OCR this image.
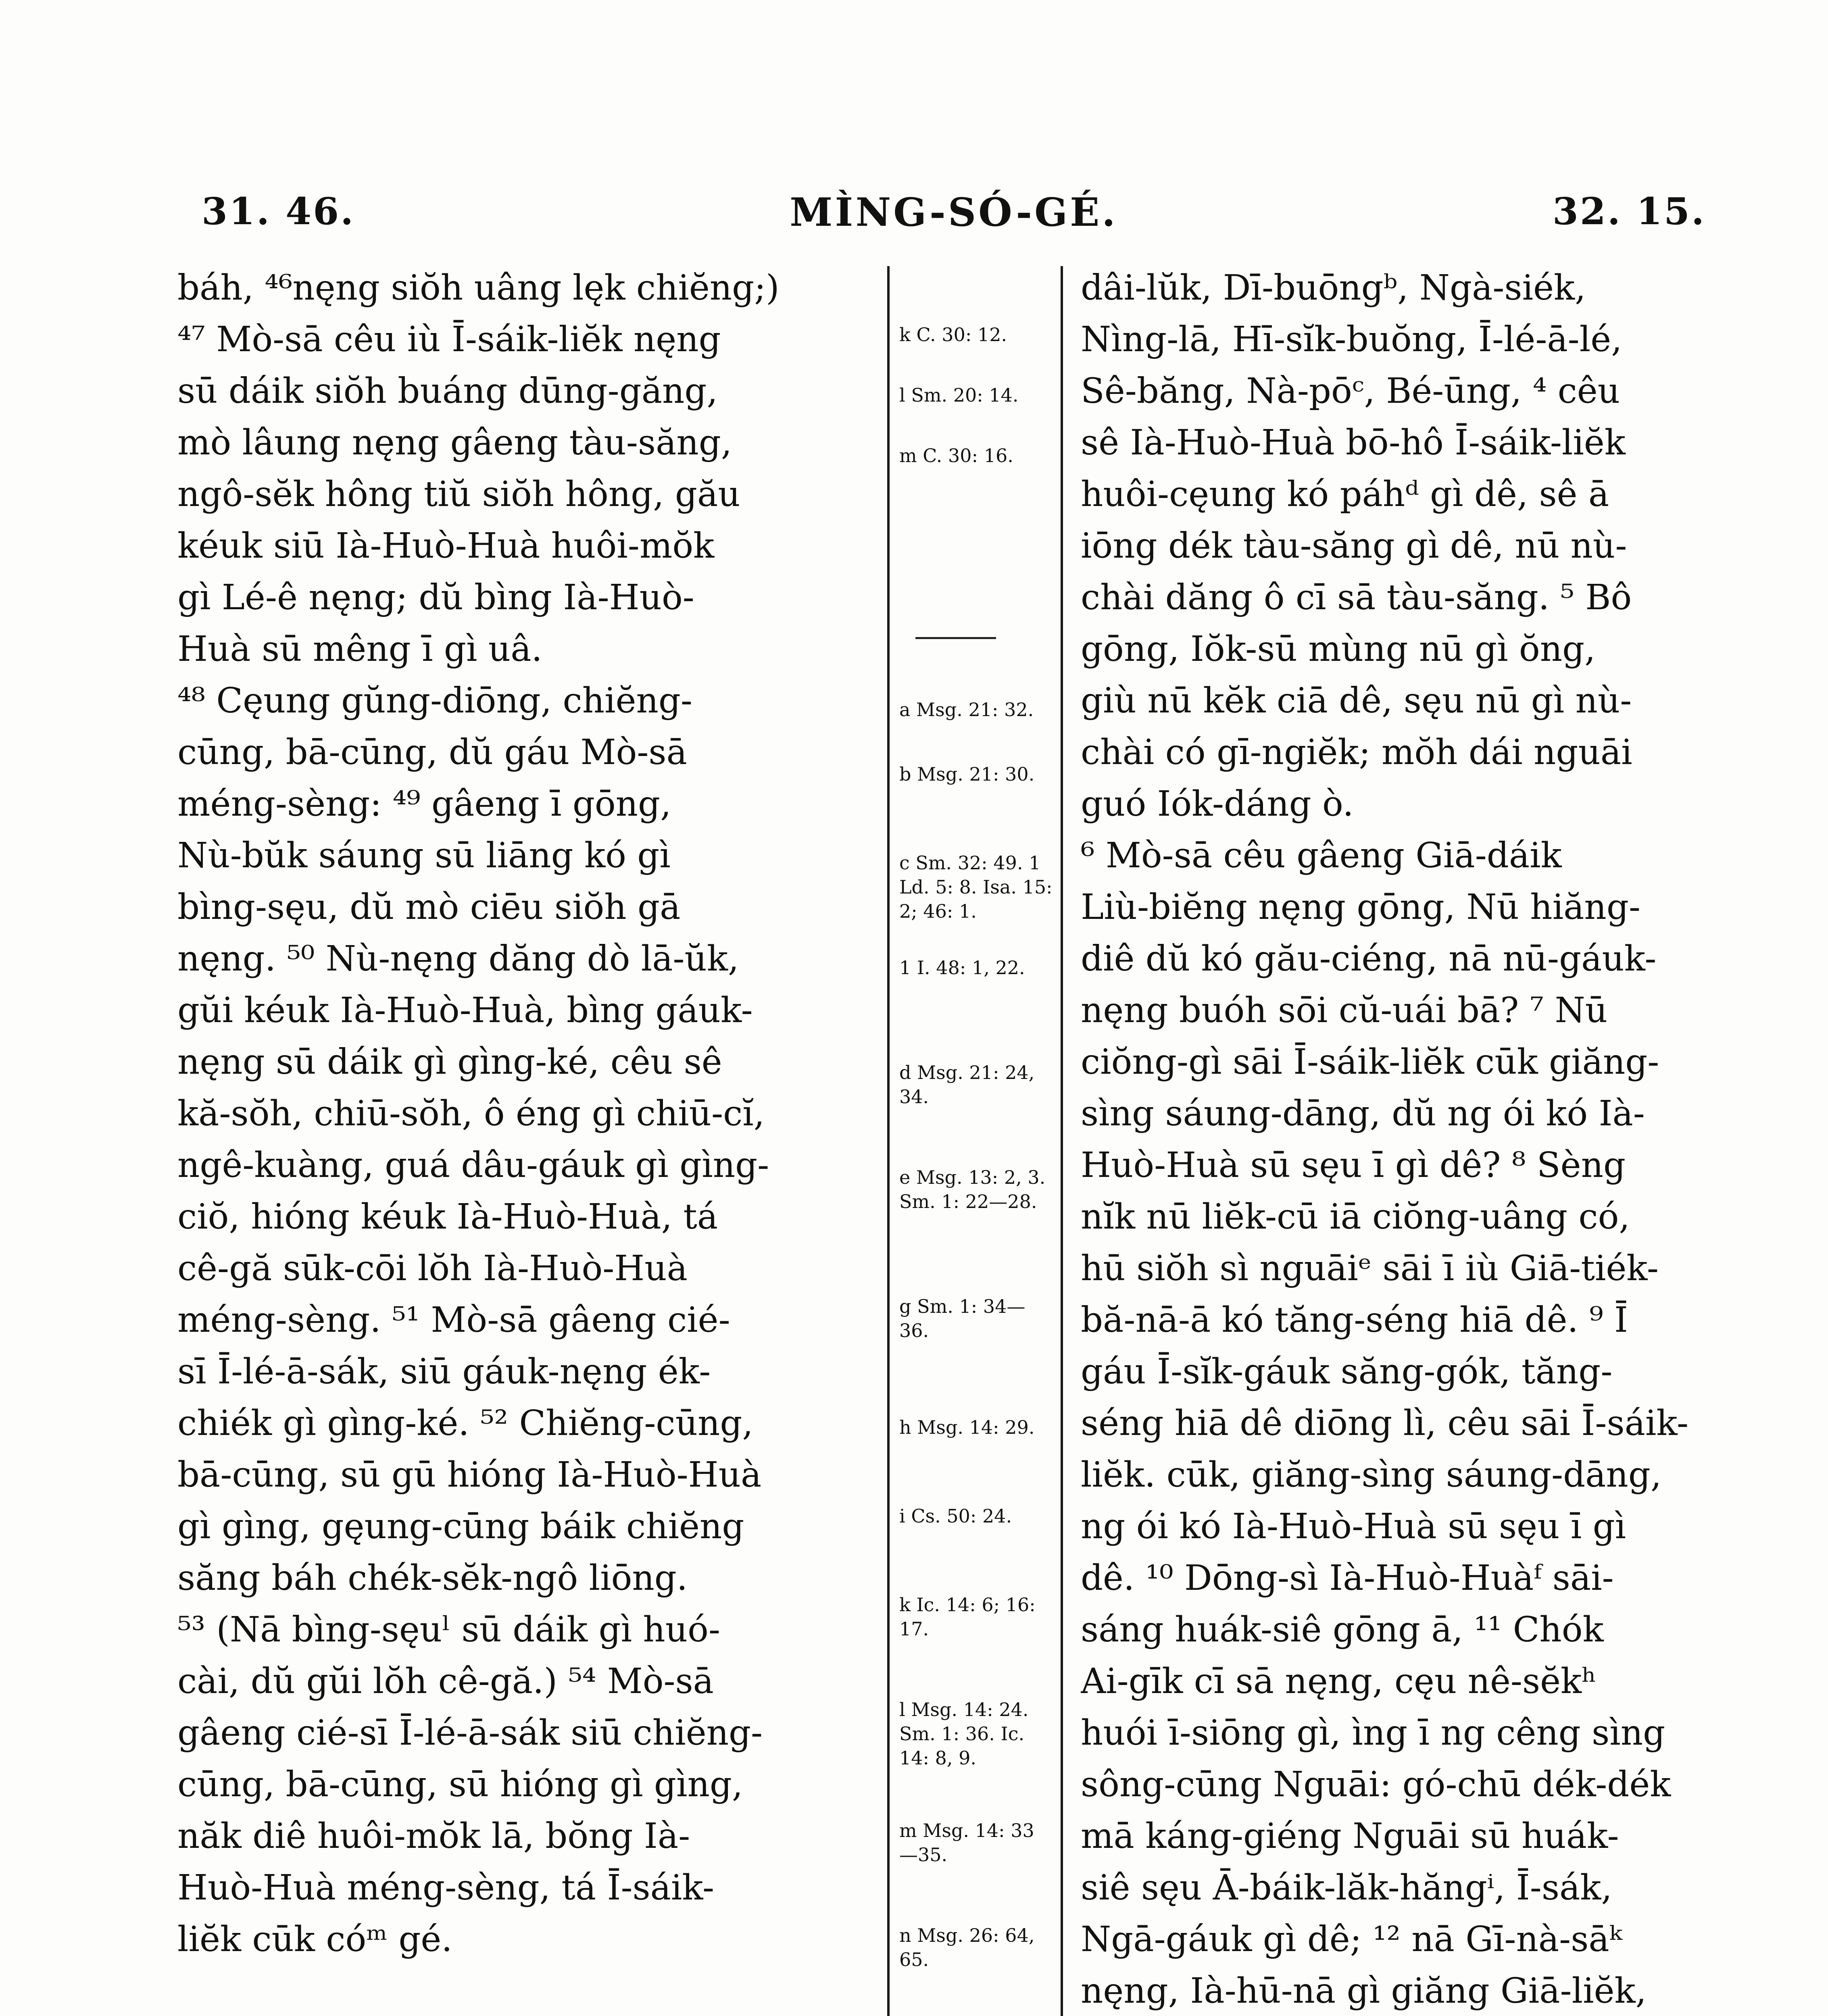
31. 46.	MÌNG-SÓ-GÉ.	32. 15.
báh, ⁴⁶nęng siŏh uâng lęk chiĕng;)
⁴⁷ Mò-sā cêu iù Ī-sáik-liĕk nęng
sū dáik siŏh buáng dūng-găng,
mò lâung nęng gâeng tàu-săng,
ngô-sĕk hông tiŭ siŏh hông, gău
kéuk siū Ià-Huò-Huà huôi-mŏk
gì Lé-ê nęng; dŭ bìng Ià-Huò-
Huà sū mêng ī gì uâ.
⁴⁸ Cęung gŭng-diōng, chiĕng-
cūng, bā-cūng, dŭ gáu Mò-sā
méng-sèng: ⁴⁹ gâeng ī gōng,
Nù-bŭk sáung sū liāng kó gì
bìng-sęu, dŭ mò ciēu siŏh gā
nęng. ⁵⁰ Nù-nęng dăng dò lā-ŭk,
gŭi kéuk Ià-Huò-Huà, bìng gáuk-
nęng sū dáik gì gìng-ké, cêu sê
kă-sŏh, chiū-sŏh, ô éng gì chiū-cĭ,
ngê-kuàng, guá dâu-gáuk gì gìng-
ciŏ, hióng kéuk Ià-Huò-Huà, tá
cê-gă sūk-cōi lŏh Ià-Huò-Huà
méng-sèng. ⁵¹ Mò-sā gâeng cié-
sī Ī-lé-ā-sák, siū gáuk-nęng ék-
chiék gì gìng-ké. ⁵² Chiĕng-cūng,
bā-cūng, sū gū hióng Ià-Huò-Huà
gì gìng, gęung-cūng báik chiĕng
săng báh chék-sĕk-ngô liōng.
⁵³ (Nā bìng-sęuˡ sū dáik gì huó-
cài, dŭ gŭi lŏh cê-gă.) ⁵⁴ Mò-sā
gâeng cié-sī Ī-lé-ā-sák siū chiĕng-
cūng, bā-cūng, sū hióng gì gìng,
năk diê huôi-mŏk lā, bŏng Ià-
Huò-Huà méng-sèng, tá Ī-sáik-
liĕk cūk cóᵐ gé.
k C. 30: 12.
l Sm. 20: 14.
m C. 30: 16.
a Msg. 21: 32.
b Msg. 21: 30.
c Sm. 32: 49. 1 Ld. 5: 8. Isa. 15: 2; 46: 1.
1 I. 48: 1, 22.
d Msg. 21: 24, 34.
e Msg. 13: 2, 3. Sm. 1: 22—28.
g Sm. 1: 34—36.
h Msg. 14: 29.
i Cs. 50: 24.
k Ic. 14: 6; 16: 17.
l Msg. 14: 24. Sm. 1: 36. Ic. 14: 8, 9.
m Msg. 14: 33—35.
n Msg. 26: 64, 65.
dâi-lŭk, Dī-buōngᵇ, Ngà-siék,
Nìng-lā, Hī-sĭk-buŏng, Ī-lé-ā-lé,
Sê-băng, Nà-pōᶜ, Bé-ūng, ⁴ cêu
sê Ià-Huò-Huà bō-hô Ī-sáik-liĕk
huôi-cęung kó páhᵈ gì dê, sê ā
iōng dék tàu-săng gì dê, nū nù-
chài dăng ô cī sā tàu-săng. ⁵ Bô
gōng, Iŏk-sū mùng nū gì ŏng,
giù nū kĕk ciā dê, sęu nū gì nù-
chài có gī-ngiĕk; mŏh dái nguāi
guó Iók-dáng ò.
⁶ Mò-sā cêu gâeng Giā-dáik
Liù-biĕng nęng gōng, Nū hiăng-
diê dŭ kó gău-ciéng, nā nū-gáuk-
nęng buóh sōi cŭ-uái bā? ⁷ Nū
ciŏng-gì sāi Ī-sáik-liĕk cūk giăng-
sìng sáung-dāng, dŭ ng ói kó Ià-
Huò-Huà sū sęu ī gì dê? ⁸ Sèng
nĭk nū liĕk-cū iā ciŏng-uâng có,
hū siŏh sì nguāiᵉ sāi ī iù Giā-tiék-
bă-nā-ā kó tăng-séng hiā dê. ⁹ Ī
gáu Ī-sĭk-gáuk săng-gók, tăng-
séng hiā dê diōng lì, cêu sāi Ī-sáik-
liĕk. cūk, giăng-sìng sáung-dāng,
ng ói kó Ià-Huò-Huà sū sęu ī gì
dê. ¹⁰ Dōng-sì Ià-Huò-Huàᶠ sāi-
sáng huák-siê gōng ā, ¹¹ Chók
Ai-gīk cī sā nęng, cęu nê-sĕkʰ
huói ī-siōng gì, ìng ī ng cêng sìng
sông-cūng Nguāi: gó-chū dék-dék
mā káng-giéng Nguāi sū huák-
siê sęu Ā-báik-lăk-hăngⁱ, Ī-sák,
Ngā-gáuk gì dê; ¹² nā Gī-nà-sāᵏ
nęng, Ià-hū-nā gì giăng Giā-liĕk,
